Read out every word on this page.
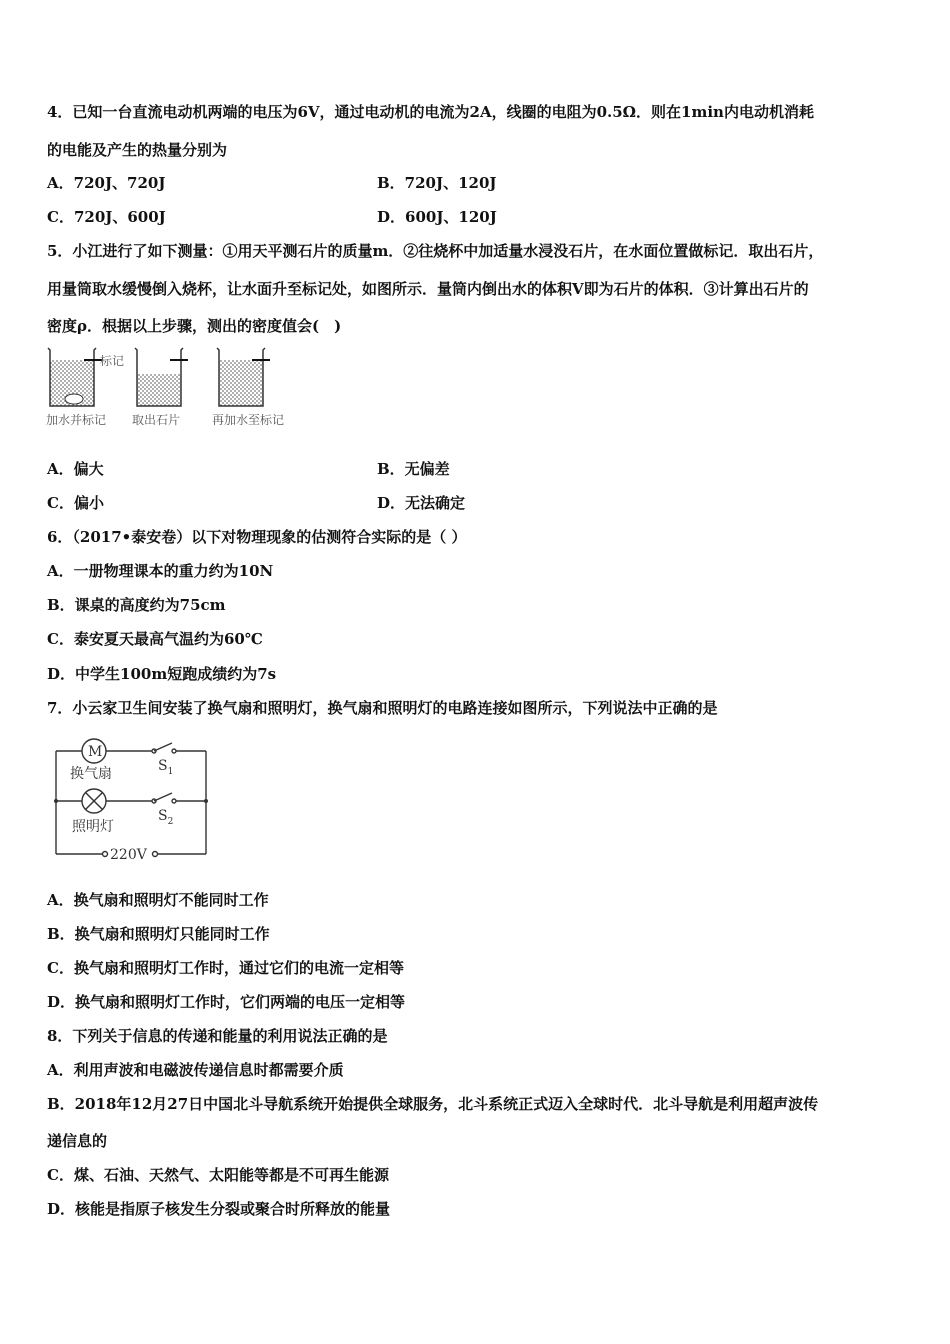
4．已知一台直流电动机两端的电压为6V，通过电动机的电流为2A，线圈的电阻为0.5Ω．则在1min内电动机消耗
的电能及产生的热量分别为
A．720J、720J	B．720J、120J
C．720J、600J	D．600J、120J
5．小江进行了如下测量：①用天平测石片的质量m．②往烧杯中加适量水浸没石片，在水面位置做标记．取出石片，
用量筒取水缓慢倒入烧杯，让水面升至标记处，如图所示．量筒内倒出水的体积V即为石片的体积．③计算出石片的
密度ρ．根据以上步骤，测出的密度值会(　)
标记
加水并标记 取出石片	再加水至标记
A．偏大	B．无偏差
C．偏小	D．无法确定
6．（2017•泰安卷）以下对物理现象的估测符合实际的是（ ）
A．一册物理课本的重力约为10N
B．课桌的高度约为75cm
C．泰安夏天最高气温约为60℃
D．中学生100m短跑成绩约为7s
7．小云家卫生间安装了换气扇和照明灯，换气扇和照明灯的电路连接如图所示，下列说法中正确的是
M
换气扇
照明灯
$S_1$
$S_2$
220V
A．换气扇和照明灯不能同时工作
B．换气扇和照明灯只能同时工作
C．换气扇和照明灯工作时，通过它们的电流一定相等
D．换气扇和照明灯工作时，它们两端的电压一定相等
8．下列关于信息的传递和能量的利用说法正确的是
A．利用声波和电磁波传递信息时都需要介质
B．2018年12月27日中国北斗导航系统开始提供全球服务，北斗系统正式迈入全球时代．北斗导航是利用超声波传
递信息的
C．煤、石油、天然气、太阳能等都是不可再生能源
D．核能是指原子核发生分裂或聚合时所释放的能量
